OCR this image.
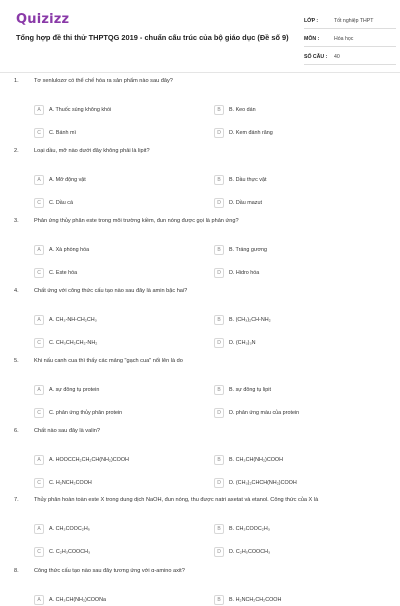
Quizizz
Tổng hợp đề thi thử THPTQG 2019 - chuẩn cấu trúc của bộ giáo dục (Đề số 9)
LỚP :	Tốt nghiệp THPT
MÔN :	Hóa học
SỐ CÂU :	40
1.	Tơ xenlulozơ có thể chế hóa ra sản phẩm nào sau đây?
A	A. Thuốc súng không khói	B	B. Keo dán
C	C. Bánh mì	D	D. Kem đánh răng
2.	Loại dầu, mỡ nào dưới đây không phải là lipit?
A	A. Mỡ động vật	B	B. Dầu thực vật
C	C. Dầu cá	D	D. Dầu mazut
3.	Phản ứng thủy phân este trong môi trường kiềm, đun nóng được gọi là phản ứng?
A	A. Xà phòng hóa	B	B. Tráng gương
C	C. Este hóa	D	D. Hidro hóa
4.	Chất ứng với công thức cấu tạo nào sau đây là amin bậc hai?
A	A. CH₃-NH-CH₂CH₃	B	B. (CH₃)₂CH-NH₂
C	C. CH₃CH₂CH₂-NH₂	D	D. (CH₃)₃N
5.	Khi nấu canh cua thì thấy các mảng "gạch cua" nổi lên là do
A	A. sự đông tụ protein	B	B. sự đông tụ lipit
C	C. phản ứng thủy phân protein	D	D. phản ứng màu của protein
6.	Chất nào sau đây là valin?
A	A. HOOCCH₂CH₂CH(NH₂)COOH	B	B. CH₃CH(NH₂)COOH
C	C. H₂NCH₂COOH	D	D. (CH₃)₂CHCH(NH₂)COOH
7.	Thủy phân hoàn toàn este X trong dung dịch NaOH, đun nóng, thu được natri axetat và etanol. Công thức của X là
A	A. CH₃COOC₂H₅	B	B. CH₃COOC₂H₃
C	C. C₂H₃COOCH₃	D	D. C₂H₅COOCH₃
8.	Công thức cấu tạo nào sau đây tương ứng với α-amino axit?
A	A. CH₃CH(NH₂)COONa	B	B. H₂NCH₂CH₂COOH
